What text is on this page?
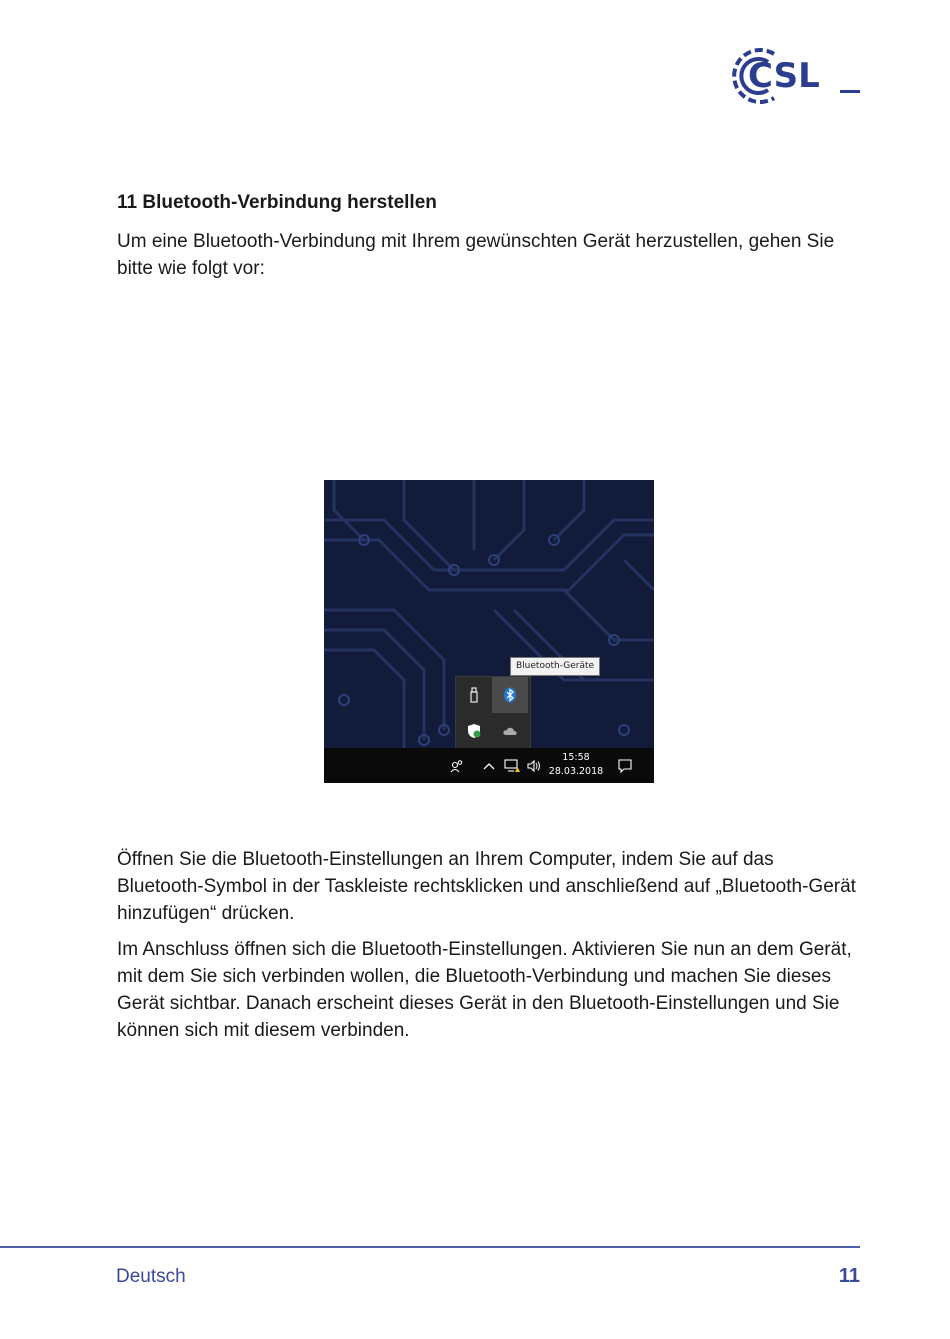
CSL
11 Bluetooth-Verbindung herstellen

Um eine Bluetooth-Verbindung mit Ihrem gewünschten Gerät herzustellen, gehen Sie bitte wie folgt vor:

Bluetooth-Geräte
15:58
28.03.2018

Öffnen Sie die Bluetooth-Einstellungen an Ihrem Computer, indem Sie auf das Bluetooth-Symbol in der Taskleiste rechtsklicken und anschließend auf „Bluetooth-Gerät hinzufügen“ drücken.

Im Anschluss öffnen sich die Bluetooth-Einstellungen. Aktivieren Sie nun an dem Gerät, mit dem Sie sich verbinden wollen, die Bluetooth-Verbindung und machen Sie dieses Gerät sichtbar. Danach erscheint dieses Gerät in den Bluetooth-Einstellungen und Sie können sich mit diesem verbinden.

Deutsch	11
